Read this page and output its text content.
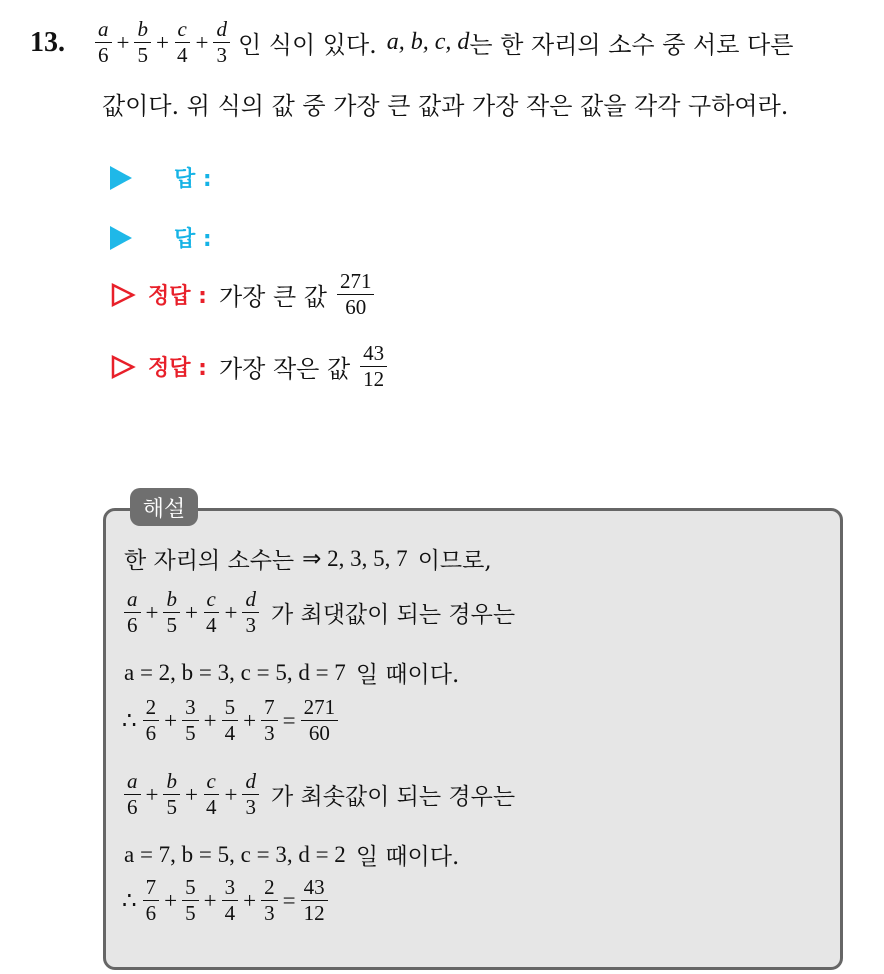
13. $\frac{a}{6} + \frac{b}{5} + \frac{c}{4} + \frac{d}{3}$ 인 식이 있다. a, b, c, d 는 한 자리의 소수 중 서로 다른
값이다. 위 식의 값 중 가장 큰 값과 가장 작은 값을 각각 구하여라.
답 :
답 :
정답 : 가장 큰 값 $\frac{271}{60}$
정답 : 가장 작은 값 $\frac{43}{12}$
해설
한 자리의 소수는 ⇒ 2, 3, 5, 7 이므로,
$\frac{a}{6} + \frac{b}{5} + \frac{c}{4} + \frac{d}{3}$ 가 최댓값이 되는 경우는
a = 2, b = 3, c = 5, d = 7 일 때이다.
∴ $\frac{2}{6} + \frac{3}{5} + \frac{5}{4} + \frac{7}{3} = \frac{271}{60}$
$\frac{a}{6} + \frac{b}{5} + \frac{c}{4} + \frac{d}{3}$ 가 최솟값이 되는 경우는
a = 7, b = 5, c = 3, d = 2 일 때이다.
∴ $\frac{7}{6} + \frac{5}{5} + \frac{3}{4} + \frac{2}{3} = \frac{43}{12}$
